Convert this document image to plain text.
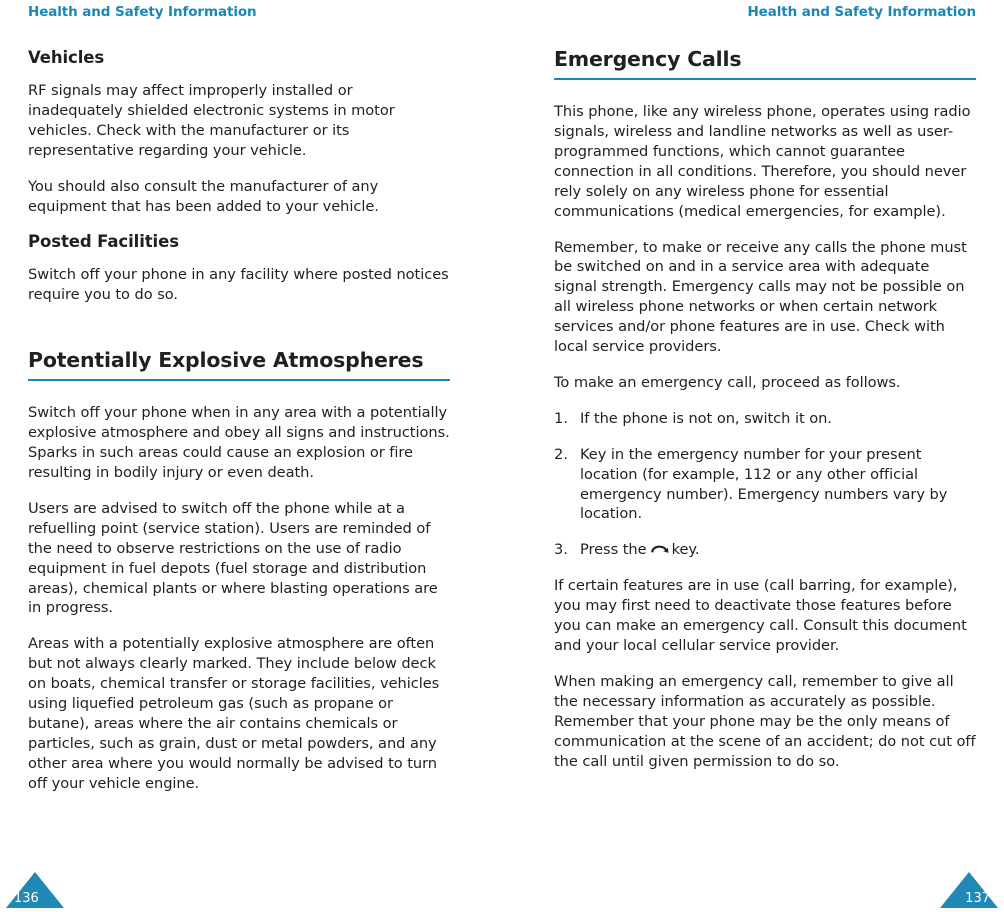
Health and Safety Information
Vehicles

RF signals may affect improperly installed or inadequately shielded electronic systems in motor vehicles. Check with the manufacturer or its representative regarding your vehicle.

You should also consult the manufacturer of any equipment that has been added to your vehicle.

Posted Facilities

Switch off your phone in any facility where posted notices require you to do so.

Potentially Explosive Atmospheres

Switch off your phone when in any area with a potentially explosive atmosphere and obey all signs and instructions. Sparks in such areas could cause an explosion or fire resulting in bodily injury or even death.

Users are advised to switch off the phone while at a refuelling point (service station). Users are reminded of the need to observe restrictions on the use of radio equipment in fuel depots (fuel storage and distribution areas), chemical plants or where blasting operations are in progress.

Areas with a potentially explosive atmosphere are often but not always clearly marked. They include below deck on boats, chemical transfer or storage facilities, vehicles using liquefied petroleum gas (such as propane or butane), areas where the air contains chemicals or particles, such as grain, dust or metal powders, and any other area where you would normally be advised to turn off your vehicle engine.

136
Health and Safety Information
Emergency Calls

This phone, like any wireless phone, operates using radio signals, wireless and landline networks as well as user-programmed functions, which cannot guarantee connection in all conditions. Therefore, you should never rely solely on any wireless phone for essential communications (medical emergencies, for example).

Remember, to make or receive any calls the phone must be switched on and in a service area with adequate signal strength. Emergency calls may not be possible on all wireless phone networks or when certain network services and/or phone features are in use. Check with local service providers.

To make an emergency call, proceed as follows.

1. If the phone is not on, switch it on.
2. Key in the emergency number for your present location (for example, 112 or any other official emergency number). Emergency numbers vary by location.
3. Press the key.

If certain features are in use (call barring, for example), you may first need to deactivate those features before you can make an emergency call. Consult this document and your local cellular service provider.

When making an emergency call, remember to give all the necessary information as accurately as possible. Remember that your phone may be the only means of communication at the scene of an accident; do not cut off the call until given permission to do so.

137
